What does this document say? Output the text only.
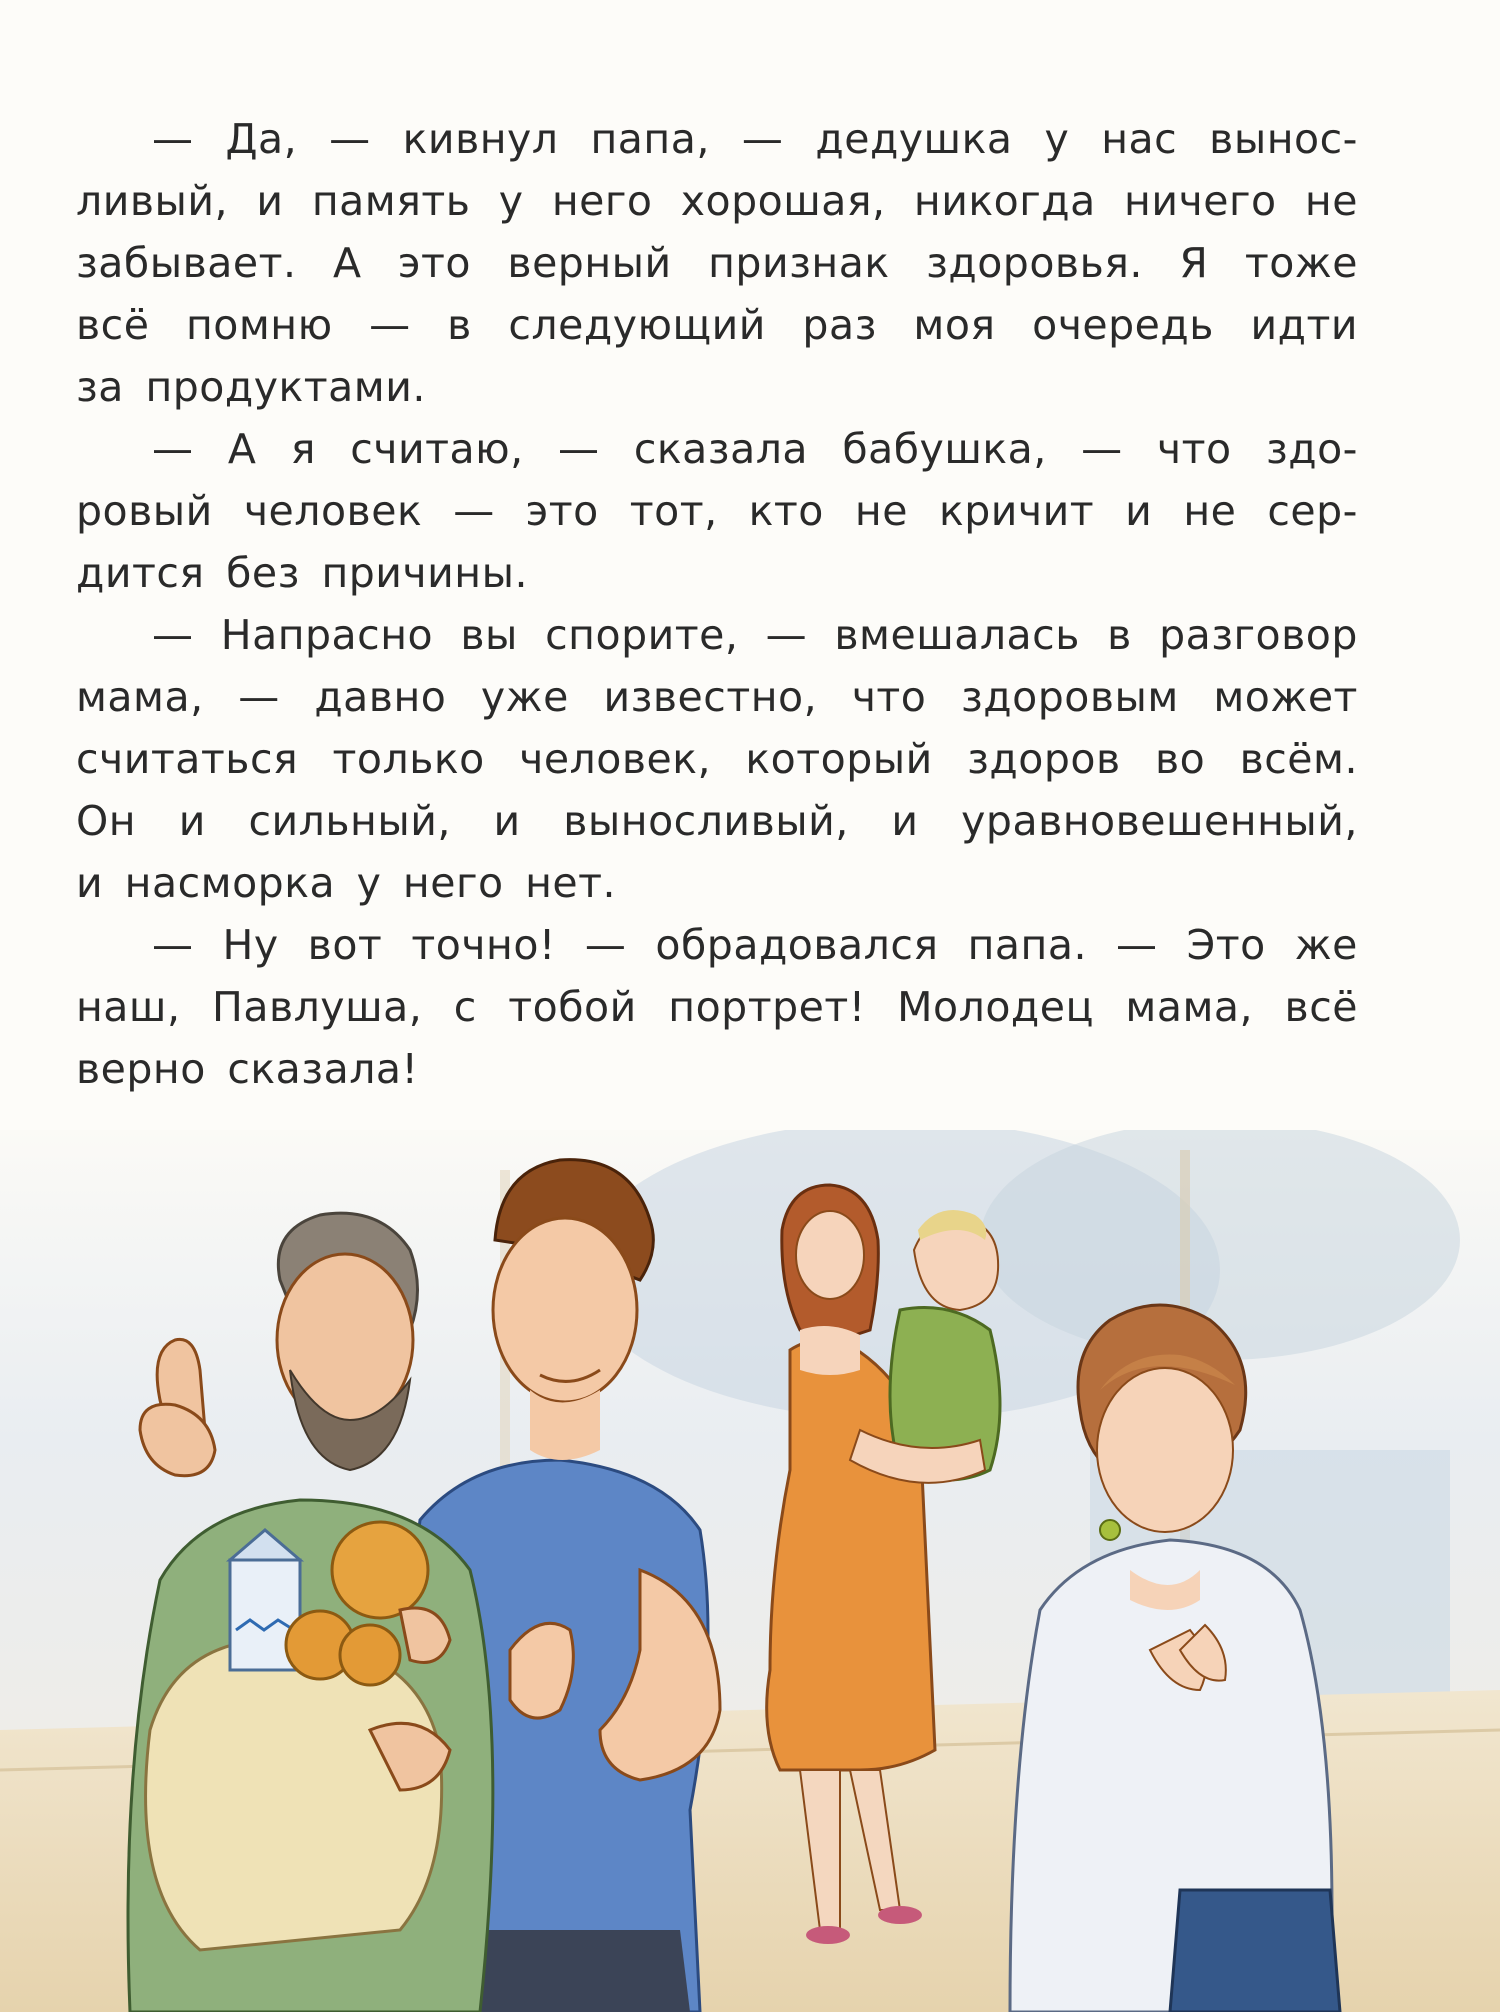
— Да, — кивнул папа, — дедушка у нас вынос-
ливый, и память у него хорошая, никогда ничего не
забывает. А это верный признак здоровья. Я тоже
всё помню — в следующий раз моя очередь идти
за продуктами.
— А я считаю, — сказала бабушка, — что здо-
ровый человек — это тот, кто не кричит и не сер-
дится без причины.
— Напрасно вы спорите, — вмешалась в разговор
мама, — давно уже известно, что здоровым может
считаться только человек, который здоров во всём.
Он и сильный, и выносливый, и уравновешенный,
и насморка у него нет.
— Ну вот точно! — обрадовался папа. — Это же
наш, Павлуша, с тобой портрет! Молодец мама, всё
верно сказала!
